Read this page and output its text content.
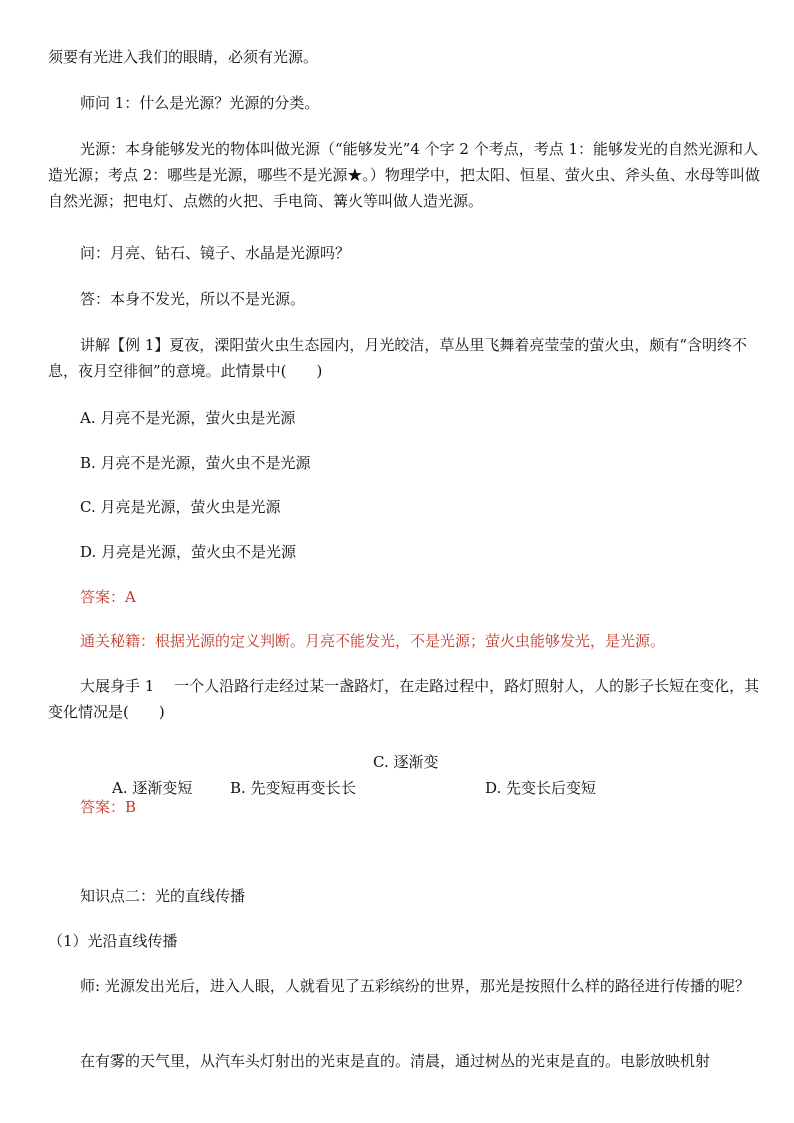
须要有光进入我们的眼睛，必须有光源。

师问 1：什么是光源？光源的分类。

光源：本身能够发光的物体叫做光源（“能够发光”4 个字 2 个考点，考点 1：能够发光的自然光源和人造光源；考点 2：哪些是光源，哪些不是光源★。）物理学中，把太阳、恒星、萤火虫、斧头鱼、水母等叫做自然光源；把电灯、点燃的火把、手电筒、篝火等叫做人造光源。

问：月亮、钻石、镜子、水晶是光源吗？

答：本身不发光，所以不是光源。

讲解【例 1】夏夜，溧阳萤火虫生态园内，月光皎洁，草丛里飞舞着亮莹莹的萤火虫，颇有“含明终不息，夜月空徘徊”的意境。此情景中(　　)

A. 月亮不是光源，萤火虫是光源

B. 月亮不是光源，萤火虫不是光源

C. 月亮是光源，萤火虫是光源

D. 月亮是光源，萤火虫不是光源

答案：A

通关秘籍：根据光源的定义判断。月亮不能发光，不是光源；萤火虫能够发光，是光源。

大展身手 1　 一个人沿路行走经过某一盏路灯，在走路过程中，路灯照射人，人的影子长短在变化，其变化情况是(　　)

A. 逐渐变短	B. 先变短再变长C. 逐渐变长	D. 先变长后变短

答案：B

知识点二：光的直线传播

（1）光沿直线传播

师: 光源发出光后，进入人眼，人就看见了五彩缤纷的世界，那光是按照什么样的路径进行传播的呢？

在有雾的天气里，从汽车头灯射出的光束是直的。清晨，通过树丛的光束是直的。电影放映机射
